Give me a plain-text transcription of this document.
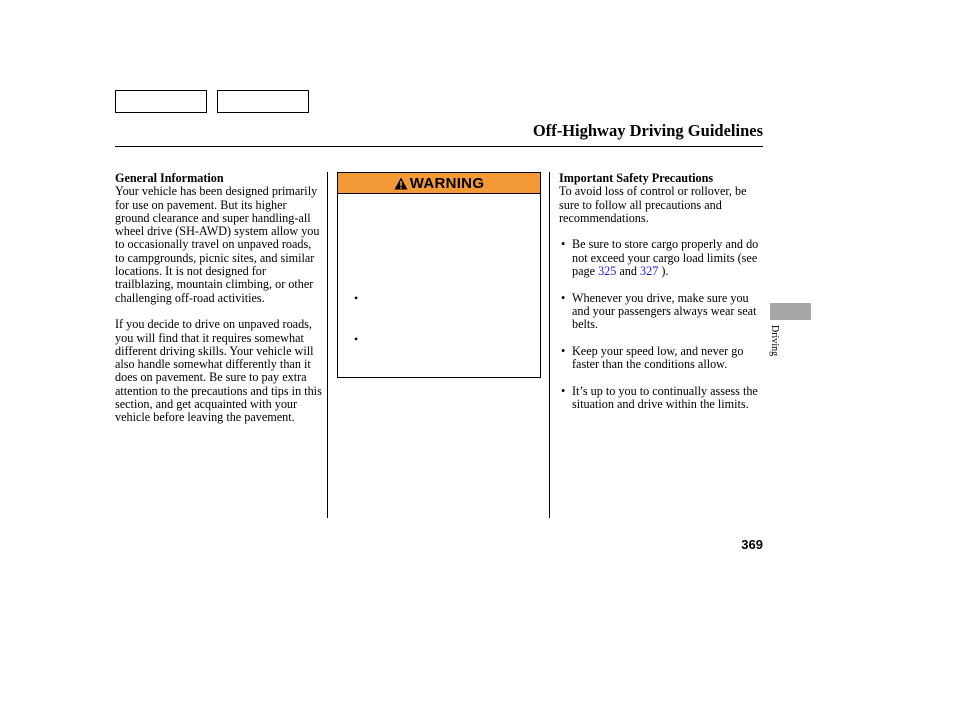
Off-Highway Driving Guidelines
General Information

Your vehicle has been designed primarily for use on pavement. But its higher ground clearance and super handling-all wheel drive (SH-AWD) system allow you to occasionally travel on unpaved roads, to campgrounds, picnic sites, and similar locations. It is not designed for trailblazing, mountain climbing, or other challenging off-road activities.

If you decide to drive on unpaved roads, you will find that it requires somewhat different driving skills. Your vehicle will also handle somewhat differently than it does on pavement. Be sure to pay extra attention to the precautions and tips in this section, and get acquainted with your vehicle before leaving the pavement.

WARNING
•
•
Important Safety Precautions

To avoid loss of control or rollover, be sure to follow all precautions and recommendations.

• Be sure to store cargo properly and do not exceed your cargo load limits (see page 325 and 327 ).
• Whenever you drive, make sure you and your passengers always wear seat belts.
• Keep your speed low, and never go faster than the conditions allow.
• It’s up to you to continually assess the situation and drive within the limits.
Driving
369
